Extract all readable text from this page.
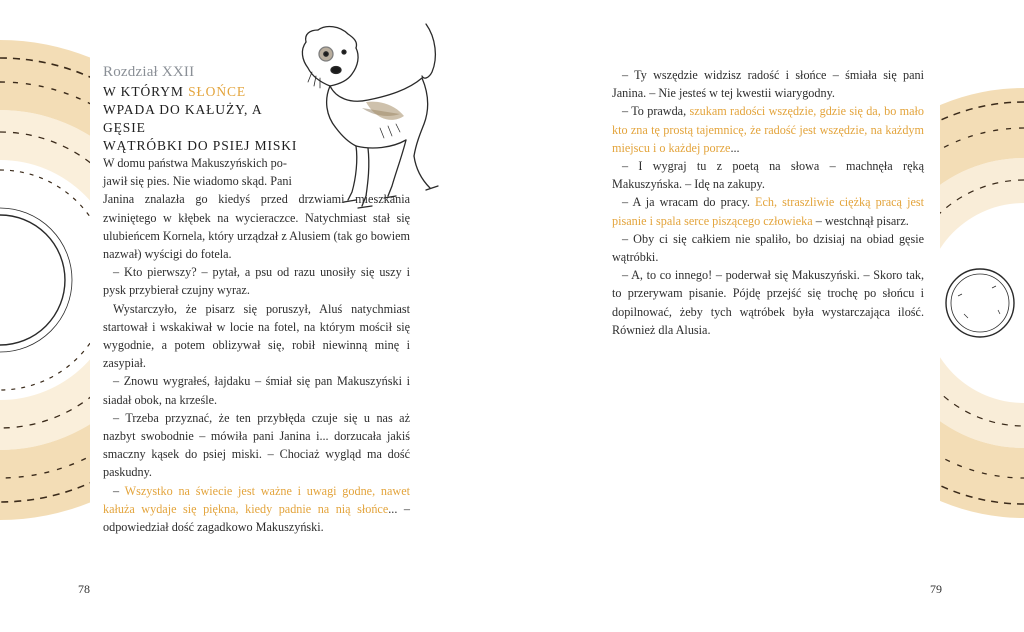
Rozdział XXII
W KTÓRYM SŁOŃCE
WPADA DO KAŁUŻY, A GĘSIE
WĄTRÓBKI DO PSIEJ MISKI

W domu państwa Makuszyńskich po-

jawił się pies. Nie wiadomo skąd. Pani

Janina znalazła go kiedyś przed drzwiami mieszkania zwiniętego w kłębek na wycieraczce. Natychmiast stał się ulubieńcem Kornela, który urządzał z Alusiem (tak go bowiem nazwał) wyścigi do fotela.

– Kto pierwszy? – pytał, a psu od razu unosiły się uszy i pysk przybierał czujny wyraz.

Wystarczyło, że pisarz się poruszył, Aluś natychmiast startował i wskakiwał w locie na fotel, na którym mościł się wygodnie, a potem oblizywał się, robił niewinną minę i zasypiał.

– Znowu wygrałeś, łajdaku – śmiał się pan Makuszyński i siadał obok, na krześle.

– Trzeba przyznać, że ten przybłęda czuje się u nas aż nazbyt swobodnie – mówiła pani Janina i... dorzucała jakiś smaczny kąsek do psiej miski. – Chociaż wygląd ma dość paskudny.

– Wszystko na świecie jest ważne i uwagi godne, nawet kałuża wydaje się piękna, kiedy padnie na nią słońce... – odpowiedział dość zagadkowo Makuszyński.

78

– Ty wszędzie widzisz radość i słońce – śmiała się pani Janina. – Nie jesteś w tej kwestii wiarygodny.

– To prawda, szukam radości wszędzie, gdzie się da, bo mało kto zna tę prostą tajemnicę, że radość jest wszędzie, na każdym miejscu i o każdej porze...

– I wygraj tu z poetą na słowa – machnęła ręką Makuszyńska. – Idę na zakupy.

– A ja wracam do pracy. Ech, straszliwie ciężką pracą jest pisanie i spala serce piszącego człowieka – westchnął pisarz.

– Oby ci się całkiem nie spaliło, bo dzisiaj na obiad gęsie wątróbki.

– A, to co innego! – poderwał się Makuszyński. – Skoro tak, to przerywam pisanie. Pójdę przejść się trochę po słońcu i dopilnować, żeby tych wątróbek była wystarczająca ilość. Również dla Alusia.

79
